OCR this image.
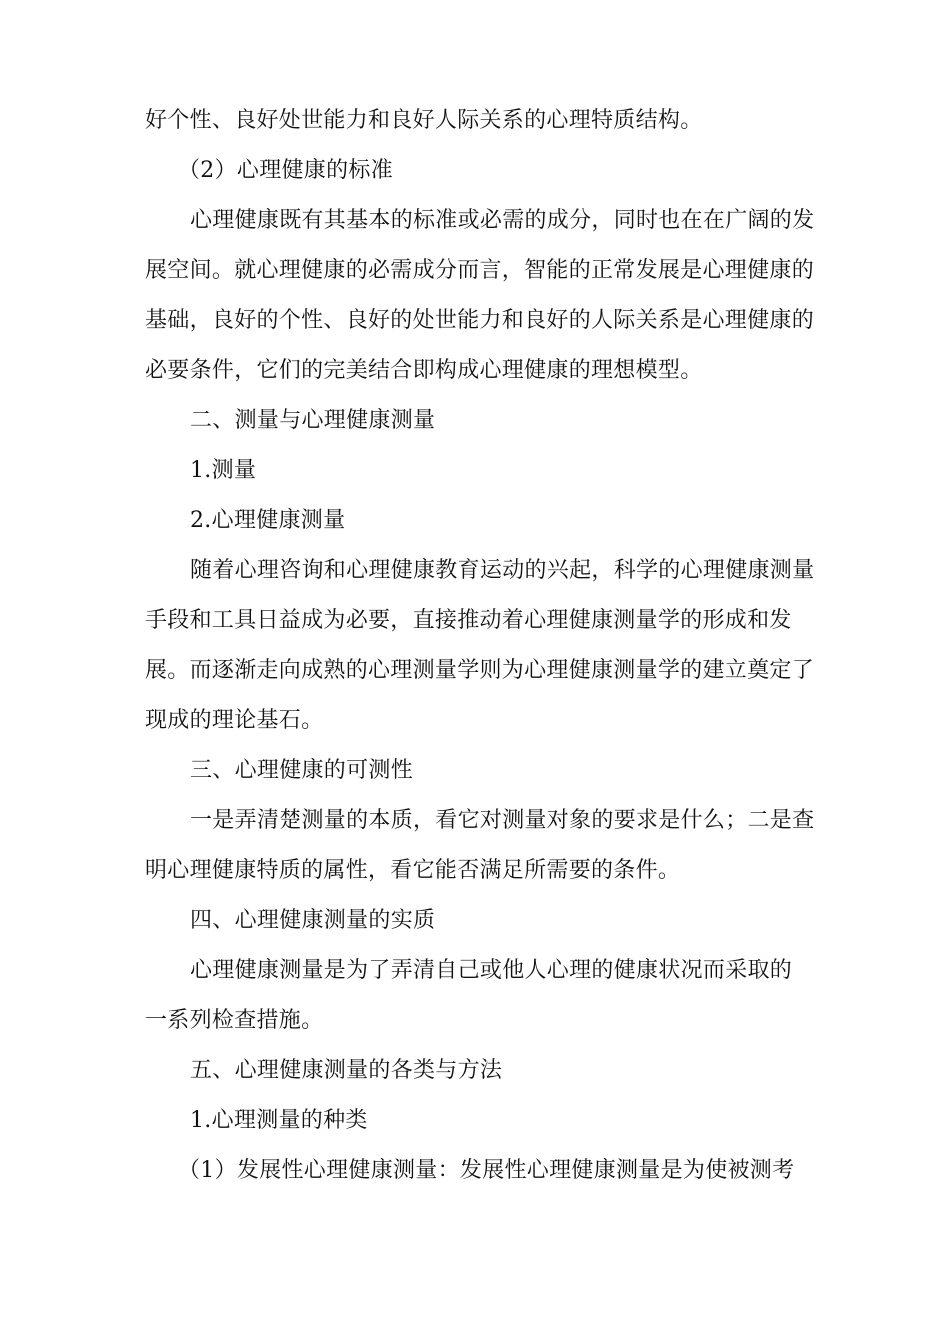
好个性、良好处世能力和良好人际关系的心理特质结构。
（2）心理健康的标准
心理健康既有其基本的标准或必需的成分，同时也在在广阔的发
展空间。就心理健康的必需成分而言，智能的正常发展是心理健康的
基础，良好的个性、良好的处世能力和良好的人际关系是心理健康的
必要条件，它们的完美结合即构成心理健康的理想模型。
二、测量与心理健康测量
1.测量
2.心理健康测量
随着心理咨询和心理健康教育运动的兴起，科学的心理健康测量
手段和工具日益成为必要，直接推动着心理健康测量学的形成和发
展。而逐渐走向成熟的心理测量学则为心理健康测量学的建立奠定了
现成的理论基石。
三、心理健康的可测性
一是弄清楚测量的本质，看它对测量对象的要求是什么；二是查
明心理健康特质的属性，看它能否满足所需要的条件。
四、心理健康测量的实质
心理健康测量是为了弄清自己或他人心理的健康状况而采取的
一系列检查措施。
五、心理健康测量的各类与方法
1.心理测量的种类
（1）发展性心理健康测量：发展性心理健康测量是为使被测考
